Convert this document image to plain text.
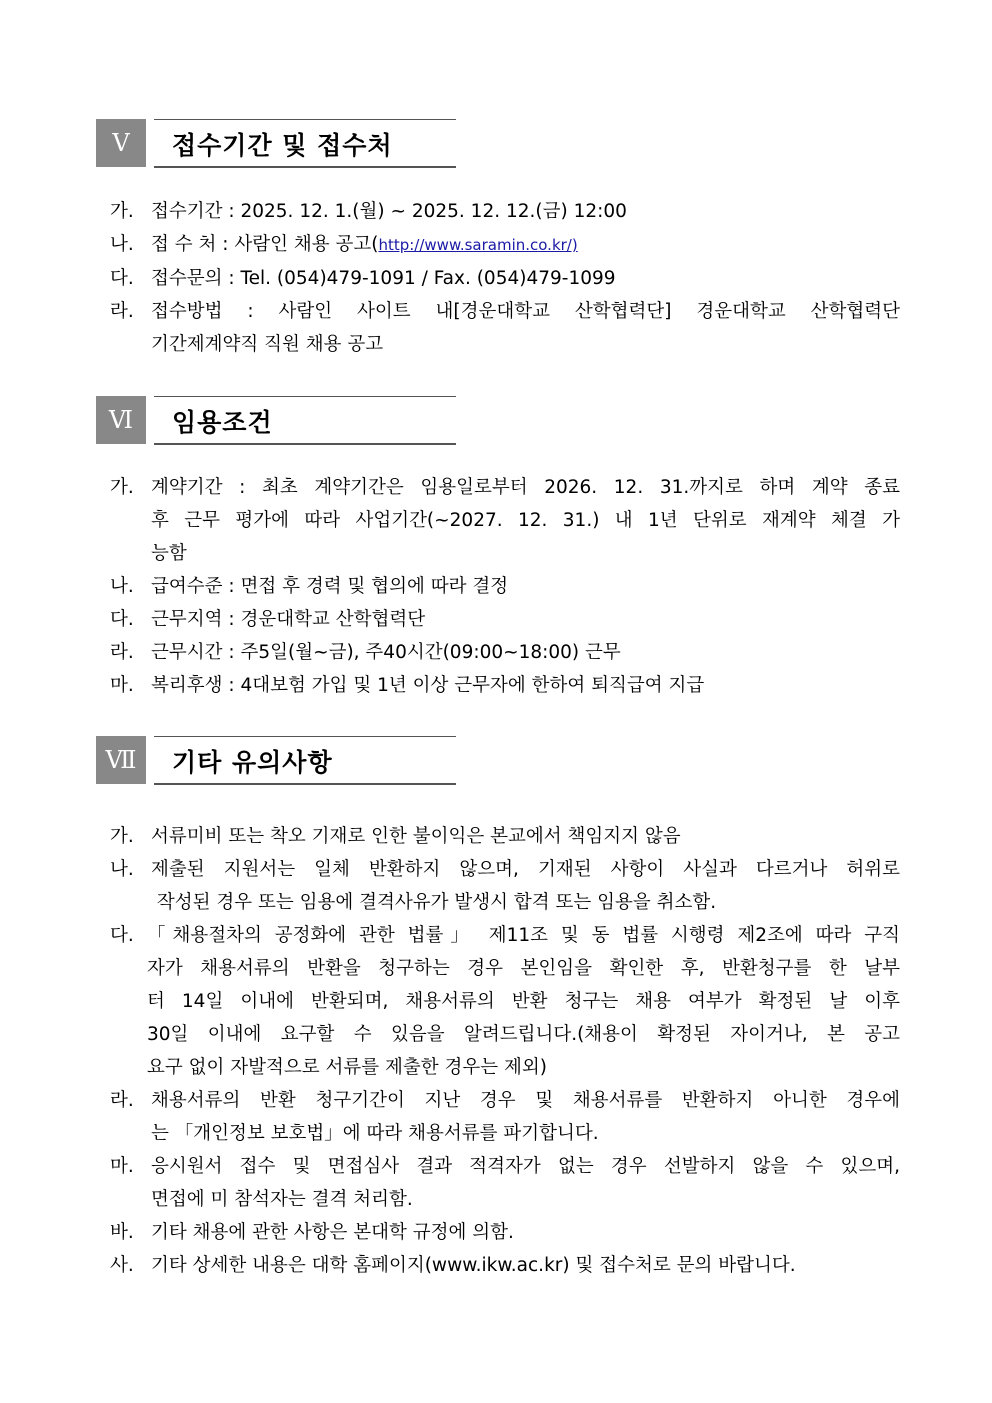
Ⅴ	접수기간 및 접수처
가. 접수기간 : 2025. 12. 1.(월) ~ 2025. 12. 12.(금) 12:00
나. 접 수 처 : 사람인 채용 공고(http://www.saramin.co.kr/)
다. 접수문의 : Tel. (054)479-1091 / Fax. (054)479-1099
라. 접수방법 : 사람인 사이트 내[경운대학교 산학협력단] 경운대학교 산학협력단
기간제계약직 직원 채용 공고
Ⅵ	임용조건
가. 계약기간 : 최초 계약기간은 임용일로부터 2026. 12. 31.까지로 하며 계약 종료
후 근무 평가에 따라 사업기간(~2027. 12. 31.) 내 1년 단위로 재계약 체결 가
능함
나. 급여수준 : 면접 후 경력 및 협의에 따라 결정
다. 근무지역 : 경운대학교 산학협력단
라. 근무시간 : 주5일(월~금), 주40시간(09:00~18:00) 근무
마. 복리후생 : 4대보험 가입 및 1년 이상 근무자에 한하여 퇴직급여 지급
Ⅶ	기타 유의사항
가. 서류미비 또는 착오 기재로 인한 불이익은 본교에서 책임지지 않음
나. 제출된 지원서는 일체 반환하지 않으며, 기재된 사항이 사실과 다르거나 허위로
작성된 경우 또는 임용에 결격사유가 발생시 합격 또는 임용을 취소함.
다. 「채용절차의 공정화에 관한 법률」 제11조 및 동 법률 시행령 제2조에 따라 구직
자가 채용서류의 반환을 청구하는 경우 본인임을 확인한 후, 반환청구를 한 날부
터 14일 이내에 반환되며, 채용서류의 반환 청구는 채용 여부가 확정된 날 이후
30일 이내에 요구할 수 있음을 알려드립니다.(채용이 확정된 자이거나, 본 공고
요구 없이 자발적으로 서류를 제출한 경우는 제외)
라. 채용서류의 반환 청구기간이 지난 경우 및 채용서류를 반환하지 아니한 경우에
는 「개인정보 보호법」에 따라 채용서류를 파기합니다.
마. 응시원서 접수 및 면접심사 결과 적격자가 없는 경우 선발하지 않을 수 있으며,
면접에 미 참석자는 결격 처리함.
바. 기타 채용에 관한 사항은 본대학 규정에 의함.
사. 기타 상세한 내용은 대학 홈페이지(www.ikw.ac.kr) 및 접수처로 문의 바랍니다.
